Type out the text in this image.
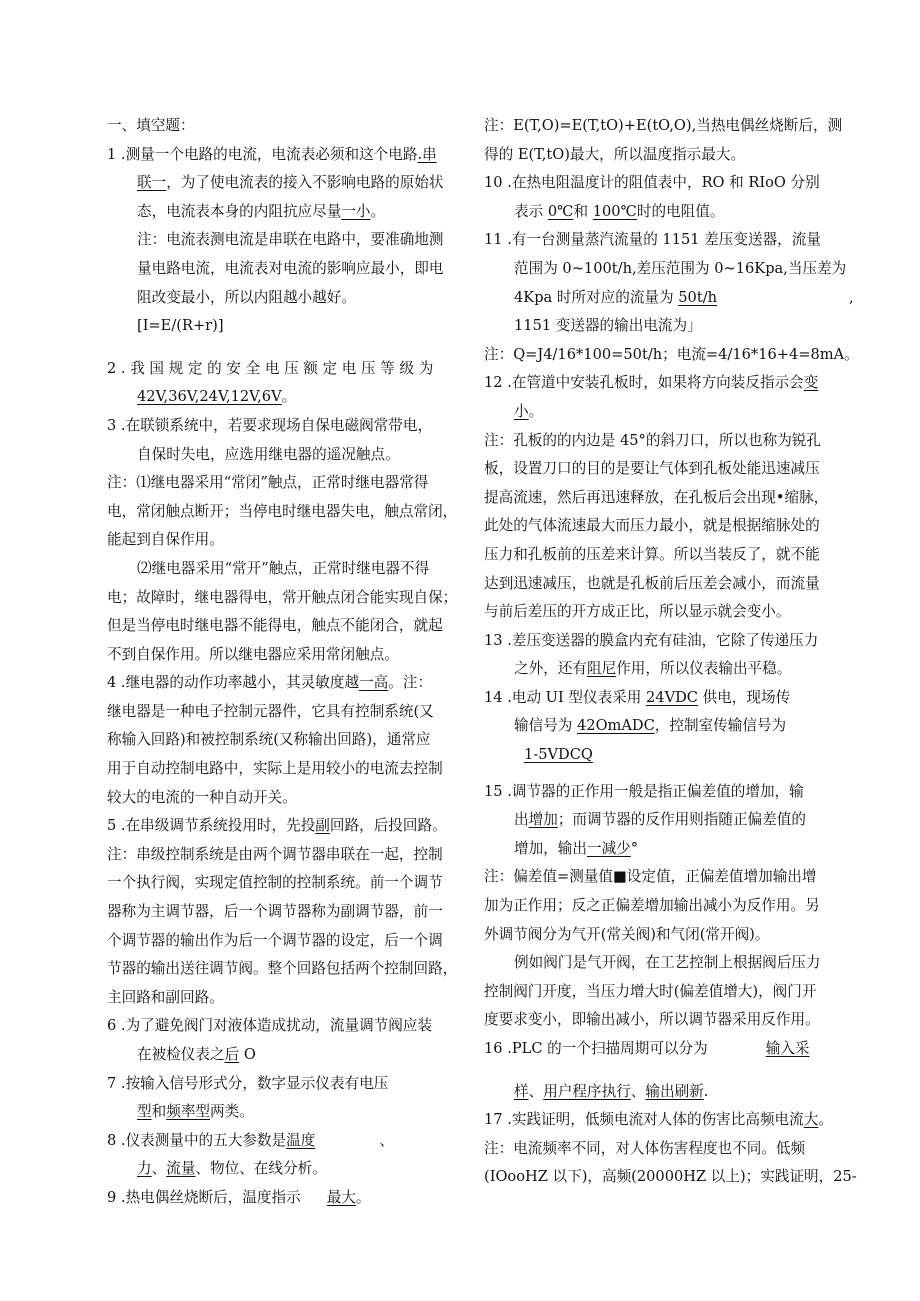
一、填空题：
1 .测量一个电路的电流，电流表必须和这个电路.串
联一，为了使电流表的接入不影响电路的原始状
态，电流表本身的内阻抗应尽量一小。
注：电流表测电流是串联在电路中，要准确地测
量电路电流，电流表对电流的影响应最小，即电
阻改变最小，所以内阻越小越好。
[I=E/(R+r)]
2 . 我 国 规 定 的 安 全 电 压 额 定 电 压 等 级 为
42V,36V,24V,12V,6V。
3 .在联锁系统中，若要求现场自保电磁阀常带电，
自保时失电，应选用继电器的遥况触点。
注：⑴继电器采用“常闭”触点，正常时继电器常得
电，常闭触点断开；当停电时继电器失电，触点常闭，
能起到自保作用。
⑵继电器采用“常开”触点，正常时继电器不得
电；故障时，继电器得电，常开触点闭合能实现自保；
但是当停电时继电器不能得电，触点不能闭合，就起
不到自保作用。所以继电器应采用常闭触点。
4 .继电器的动作功率越小，其灵敏度越一高。注：
继电器是一种电子控制元器件，它具有控制系统(又
称输入回路)和被控制系统(又称输出回路)，通常应
用于自动控制电路中，实际上是用较小的电流去控制
较大的电流的一种自动开关。
5 .在串级调节系统投用时，先投副回路，后投回路。
注：串级控制系统是由两个调节器串联在一起，控制
一个执行阀，实现定值控制的控制系统。前一个调节
器称为主调节器，后一个调节器称为副调节器，前一
个调节器的输出作为后一个调节器的设定，后一个调
节器的输出送往调节阀。整个回路包括两个控制回路，
主回路和副回路。
6 .为了避免阀门对液体造成扰动，流量调节阀应装
在被检仪表之后 O
7 .按输入信号形式分，数字显示仪表有电压
型和频率型两类。
8 .仪表测量中的五大参数是温度	、
力、流量、物位、在线分析。
9 .热电偶丝烧断后，温度指示 最大。
注：E(T,O)=E(T,tO)+E(tO,O),当热电偶丝烧断后，测
得的 E(T,tO)最大，所以温度指示最大。
10 .在热电阻温度计的阻值表中，RO 和 RIoO 分别
表示 0℃和 100℃时的电阻值。
11 .有一台测量蒸汽流量的 1151 差压变送器，流量
范围为 0~100t/h,差压范围为 0~16Kpa,当压差为
4Kpa 时所对应的流量为 50t/h	,
1151 变送器的输出电流为」
注：Q=J4/16*100=50t/h；电流=4/16*16+4=8mA。
12 .在管道中安装孔板时，如果将方向装反指示会变
小。
注：孔板的的内边是 45°的斜刀口，所以也称为锐孔
板，设置刀口的目的是要让气体到孔板处能迅速减压
提高流速，然后再迅速释放，在孔板后会出现•缩脉，
此处的气体流速最大而压力最小，就是根据缩脉处的
压力和孔板前的压差来计算。所以当装反了，就不能
达到迅速减压，也就是孔板前后压差会减小，而流量
与前后差压的开方成正比，所以显示就会变小。
13 .差压变送器的膜盒内充有硅油，它除了传递压力
之外，还有阻尼作用，所以仪表输出平稳。
14 .电动 UI 型仪表采用 24VDC 供电，现场传
输信号为 42OmADC，控制室传输信号为
1-5VDCQ
15 .调节器的正作用一般是指正偏差值的增加，输
出增加；而调节器的反作用则指随正偏差值的
增加，输出一减少°
注：偏差值=测量值■设定值，正偏差值增加输出增
加为正作用；反之正偏差增加输出减小为反作用。另
外调节阀分为气开(常关阀)和气闭(常开阀)。
例如阀门是气开阀，在工艺控制上根据阀后压力
控制阀门开度，当压力增大时(偏差值增大)，阀门开
度要求变小，即输出减小，所以调节器采用反作用。
16 .PLC 的一个扫描周期可以分为	输入采
样、用户程序执行、输出刷新.
17 .实践证明，低频电流对人体的伤害比高频电流大。
注：电流频率不同，对人体伤害程度也不同。低频
(IOooHZ 以下)，高频(20000HZ 以上)；实践证明，25-
